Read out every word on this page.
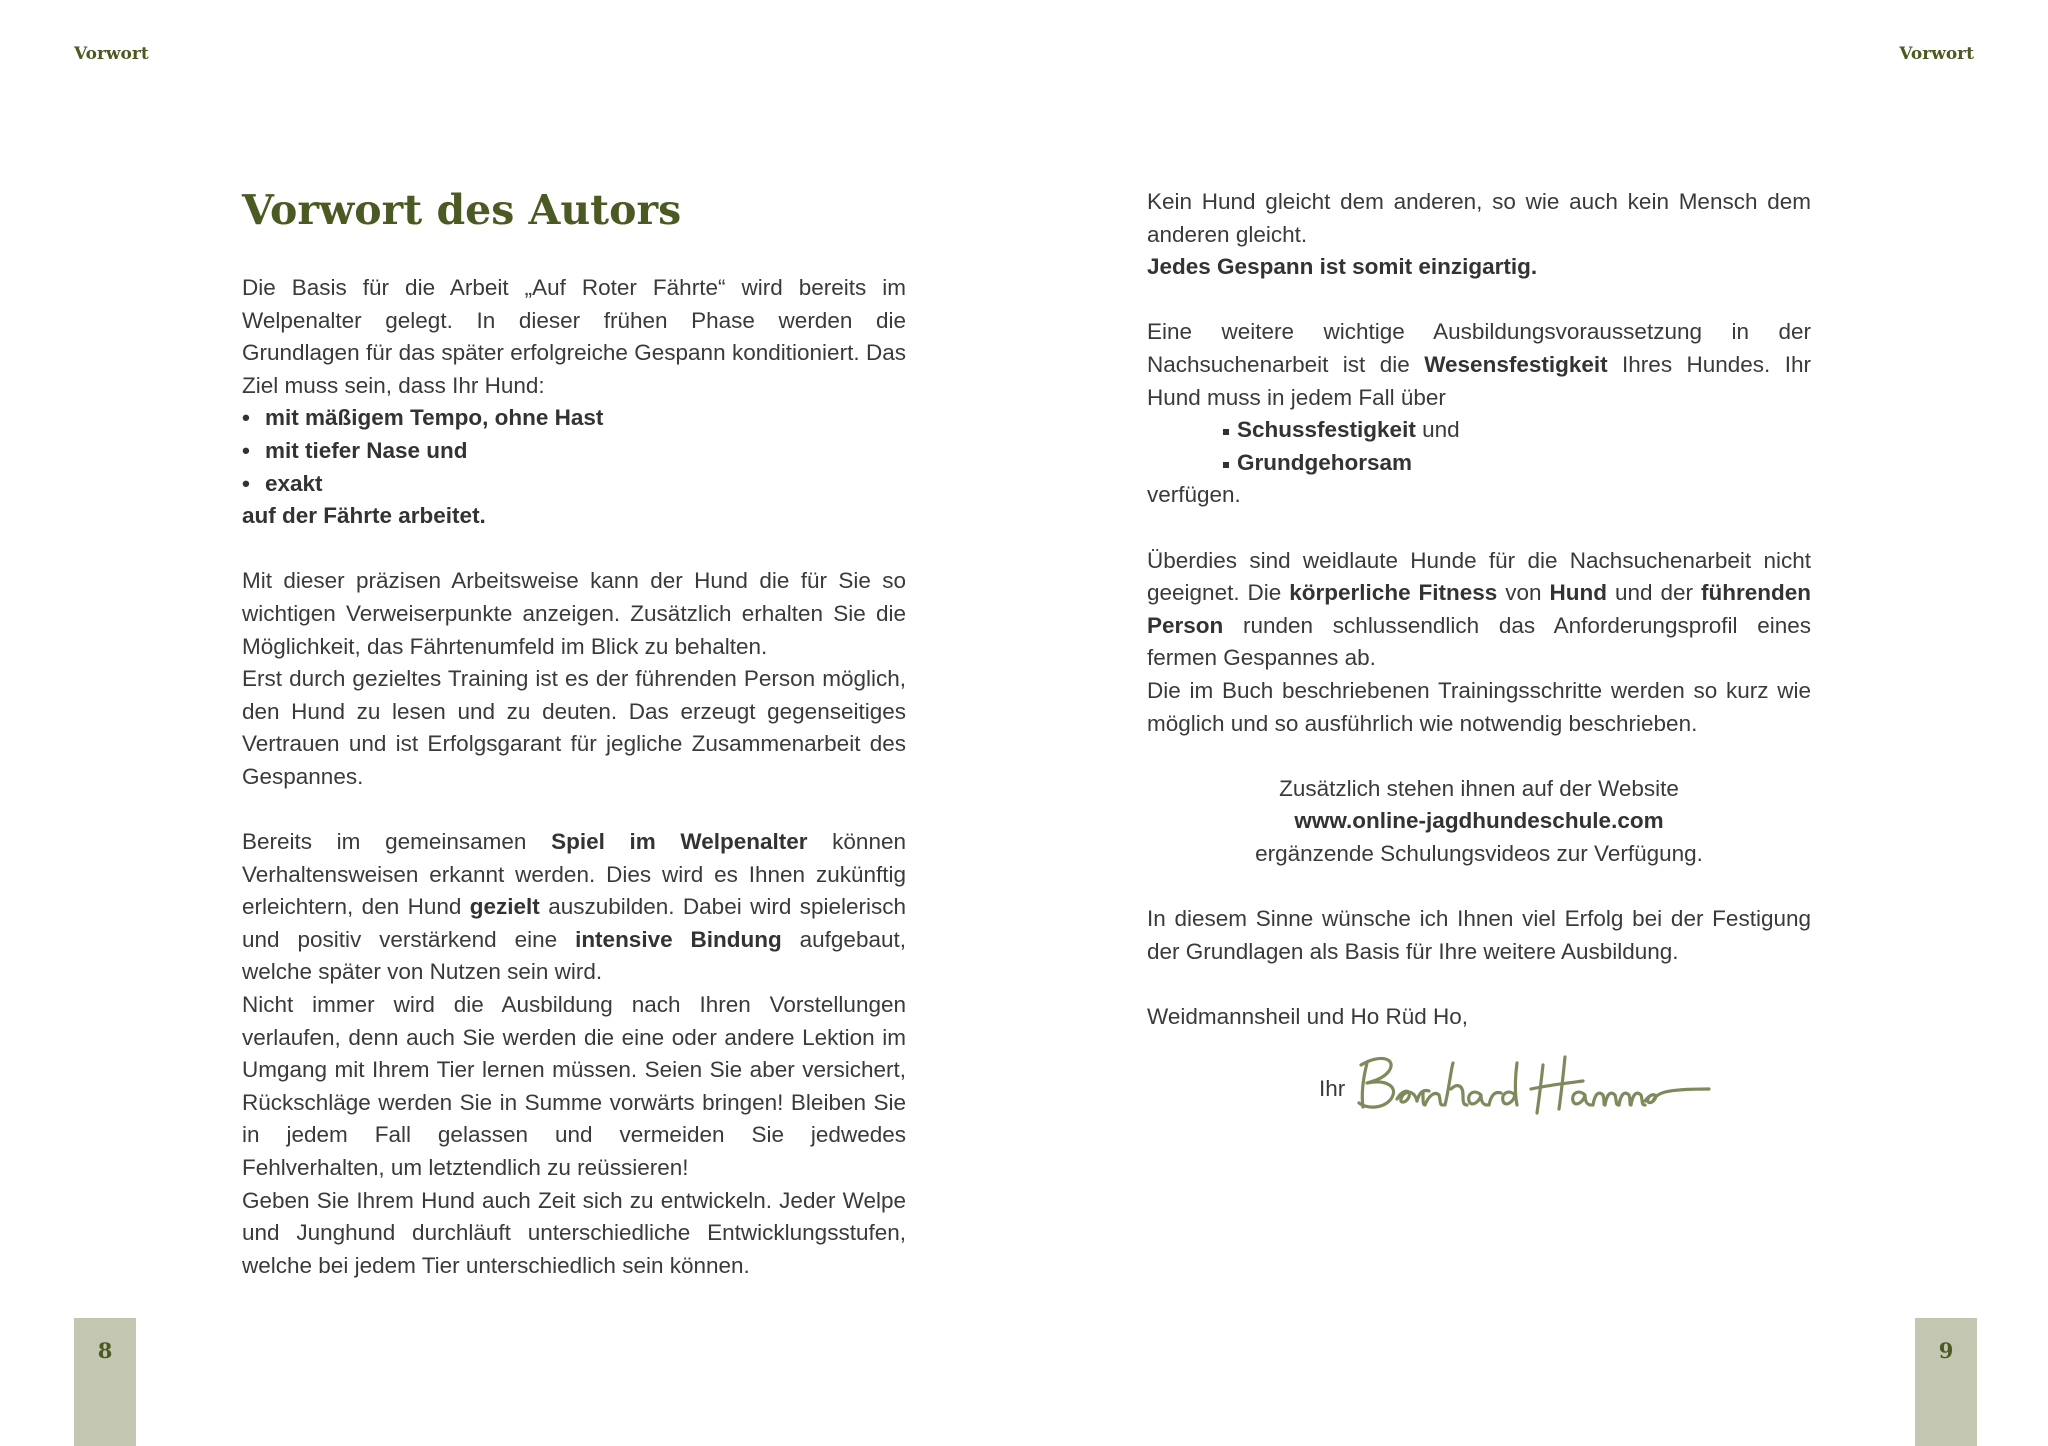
Vorwort	Vorwort
Vorwort des Autors

Die Basis für die Arbeit „Auf Roter Fährte“ wird bereits im Welpenalter gelegt. In dieser frühen Phase werden die Grundlagen für das später erfolgreiche Gespann konditioniert. Das Ziel muss sein, dass Ihr Hund:

• mit mäßigem Tempo, ohne Hast
• mit tiefer Nase und
• exakt

auf der Fährte arbeitet.

Mit dieser präzisen Arbeitsweise kann der Hund die für Sie so wichtigen Verweiserpunkte anzeigen. Zusätzlich erhalten Sie die Möglichkeit, das Fährtenumfeld im Blick zu behalten.

Erst durch gezieltes Training ist es der führenden Person möglich, den Hund zu lesen und zu deuten. Das erzeugt gegenseitiges Vertrauen und ist Erfolgsgarant für jegliche Zusammenarbeit des Gespannes.

Bereits im gemeinsamen Spiel im Welpenalter können Verhaltensweisen erkannt werden. Dies wird es Ihnen zukünftig erleichtern, den Hund gezielt auszubilden. Dabei wird spielerisch und positiv verstärkend eine intensive Bindung aufgebaut, welche später von Nutzen sein wird.

Nicht immer wird die Ausbildung nach Ihren Vorstellungen verlaufen, denn auch Sie werden die eine oder andere Lektion im Umgang mit Ihrem Tier lernen müssen. Seien Sie aber versichert, Rückschläge werden Sie in Summe vorwärts bringen! Bleiben Sie in jedem Fall gelassen und vermeiden Sie jedwedes Fehlverhalten, um letztendlich zu reüssieren!

Geben Sie Ihrem Hund auch Zeit sich zu entwickeln. Jeder Welpe und Junghund durchläuft unterschiedliche Entwicklungsstufen, welche bei jedem Tier unterschiedlich sein können.

Kein Hund gleicht dem anderen, so wie auch kein Mensch dem anderen gleicht.

Jedes Gespann ist somit einzigartig.

Eine weitere wichtige Ausbildungsvoraussetzung in der Nachsuchenarbeit ist die Wesensfestigkeit Ihres Hundes. Ihr Hund muss in jedem Fall über

Schussfestigkeit und
Grundgehorsam

verfügen.

Überdies sind weidlaute Hunde für die Nachsuchenarbeit nicht geeignet. Die körperliche Fitness von Hund und der führenden Person runden schlussendlich das Anforderungsprofil eines fermen Gespannes ab.

Die im Buch beschriebenen Trainingsschritte werden so kurz wie möglich und so ausführlich wie notwendig beschrieben.

Zusätzlich stehen ihnen auf der Website

www.online-jagdhundeschule.com

ergänzende Schulungsvideos zur Verfügung.

In diesem Sinne wünsche ich Ihnen viel Erfolg bei der Festigung der Grundlagen als Basis für Ihre weitere Ausbildung.

Weidmannsheil und Ho Rüd Ho,

Ihr
8	9
